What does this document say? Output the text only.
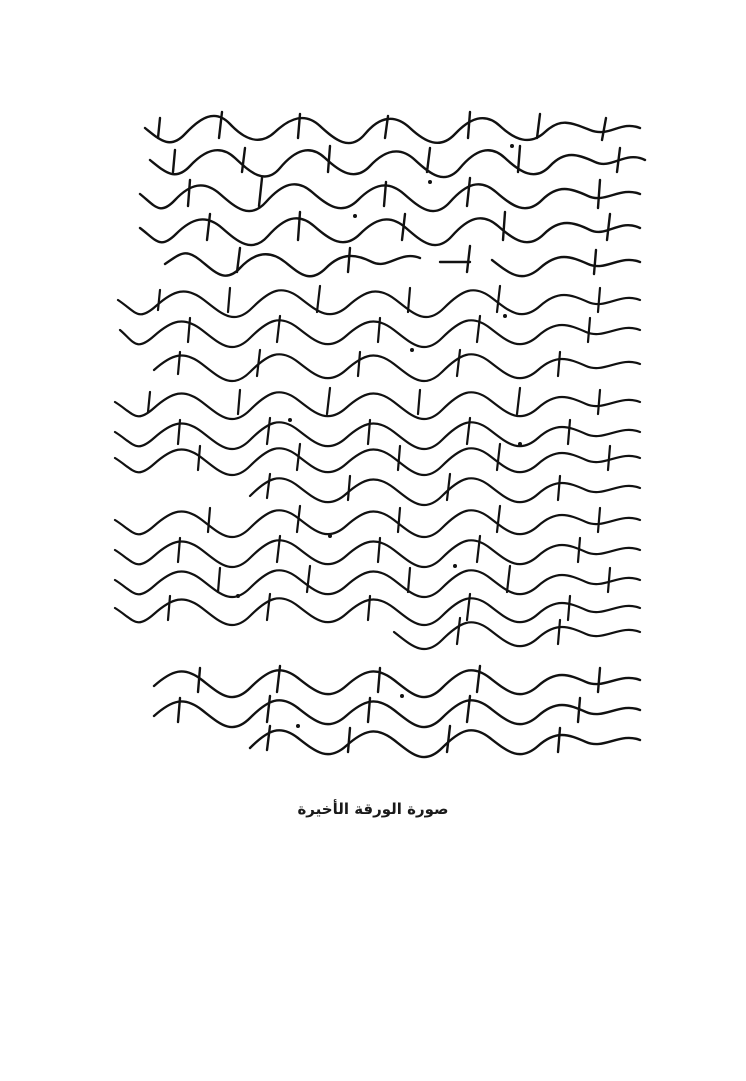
صورة الورقة الأخيرة
